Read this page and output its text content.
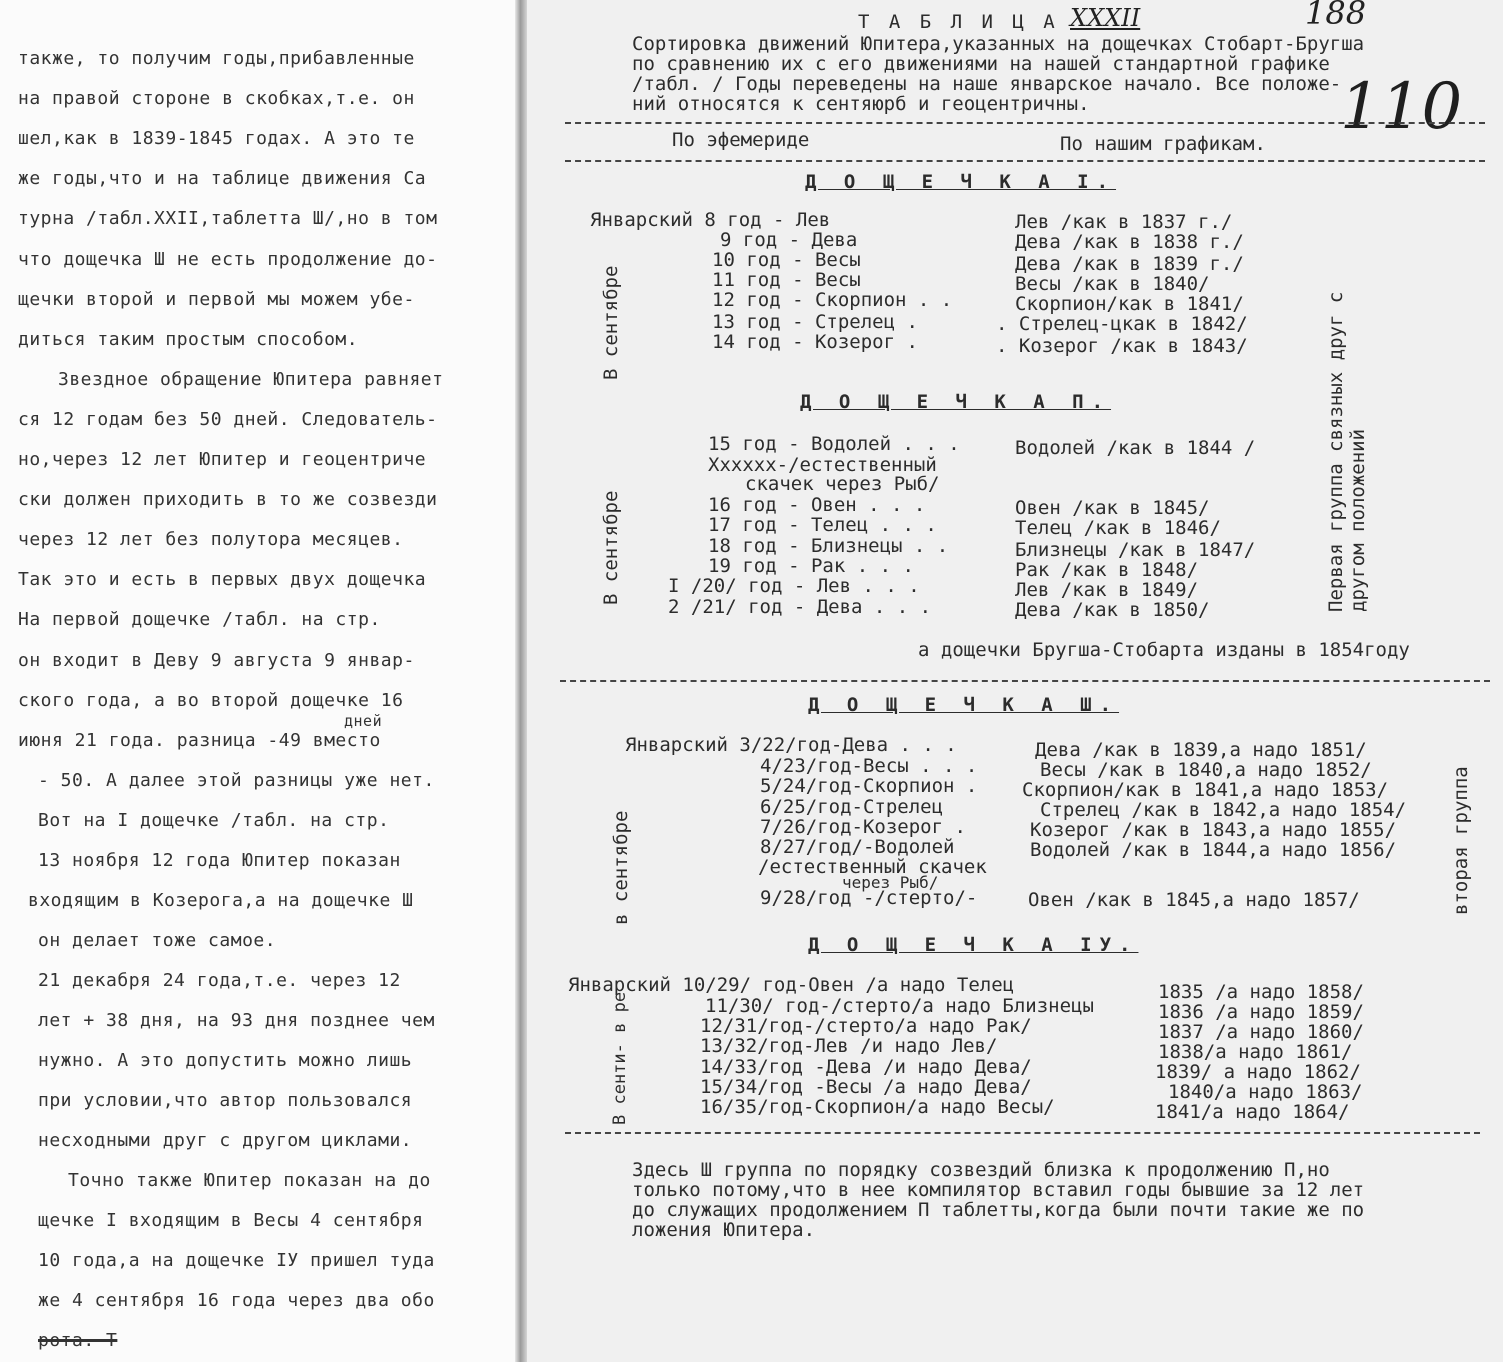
также, то получим годы,прибавленные
на правой стороне в скобках,т.е. он
шел,как в 1839-1845 годах. А это те
же годы,что и на таблице движения Са
турна /табл.XXII,таблетта Ш/,но в том
что дощечка Ш не есть продолжение до-
щечки второй и первой мы можем убе-
диться таким простым способом.
Звездное обращение Юпитера равняет
ся 12 годам без 50 дней. Следователь-
но,через 12 лет Юпитер и геоцентриче
ски должен приходить в то же созвезди
через 12 лет без полутора месяцев.
Так это и есть в первых двух дощечка
На первой дощечке /табл. на стр.
он входит в Деву 9 августа 9 январ-
ского года, а во второй дощечке 16
дней
июня 21 года. разница -49 вместо
- 50. А далее этой разницы уже нет.
Вот на I дощечке /табл. на стр.
13 ноября 12 года Юпитер показан
входящим в Козерога,а на дощечке Ш
он делает тоже самое.
21 декабря 24 года,т.е. через 12
лет + 38 дня, на 93 дня позднее чем
нужно. А это допустить можно лишь
при условии,что автор пользовался
несходными друг с другом циклами.
Точно также Юпитер показан на до
щечке I входящим в Весы 4 сентября
10 года,а на дощечке IУ пришел туда
же 4 сентября 16 года через два обо
рота. Т
Т А Б Л И Ц А ХХХII	188
110
Сортировка движений Юпитера,указанных на дощечках Стобарт-Бругша
по сравнению их с его движениями на нашей стандартной графике
/табл. / Годы переведены на наше январское начало. Все положе-
ний относятся к сентяюрб и геоцентричны.
По эфемериде	По нашим графикам.
Д О Щ Е Ч К А I.
В сентябре
Январский 8 год - Лев	Лев /как в 1837 г./
9 год - Дева	Дева /как в 1838 г./
10 год - Весы	Дева /как в 1839 г./
11 год - Весы	Весы /как в 1840/
12 год - Скорпион . .	Скорпион/как в 1841/
13 год - Стрелец .	. Стрелец-цкак в 1842/
14 год - Козерог .	. Козерог /как в 1843/
Д О Щ Е Ч К А П.
В сентябре
15 год - Водолей . . .	Водолей /как в 1844 /
Xхxxxx-/естественный
скачек через Рыб/
16 год - Овен . . .	Овен /как в 1845/
17 год - Телец . . .	Телец /как в 1846/
18 год - Близнецы . .	Близнецы /как в 1847/
19 год - Рак . . .	Рак /как в 1848/
I /20/ год - Лев . . .	Лев /как в 1849/
2 /21/ год - Дева . . .	Дева /как в 1850/	Первая группа связных друг с другом положений
а дощечки Бругша-Стобарта изданы в 1854году
Д О Щ Е Ч К А Ш.
в сентябре
Январский 3/22/год-Дева . . .	Дева /как в 1839,а надо 1851/
4/23/год-Весы . . .	Весы /как в 1840,а надо 1852/
5/24/год-Скорпион . Скорпион/как в 1841,а надо 1853/
6/25/год-Стрелец	Стрелец /как в 1842,а надо 1854/
7/26/год-Козерог .	Козерог /как в 1843,а надо 1855/
8/27/год/-Водолей	Водолей /как в 1844,а надо 1856/
/естественный скачек
через Рыб/
9/28/год -/стерто/-	Овен /как в 1845,а надо 1857/	вторая группа
Д О Щ Е Ч К А IУ.
В сенти- в ре
Январский 10/29/ год-Овен /а надо Телец	1835 /а надо 1858/
11/30/ год-/стерто/а надо Близнецы	1836 /а надо 1859/
12/31/год-/стерто/а надо Рак/	1837 /а надо 1860/
13/32/год-Лев /и надо Лев/	1838/а надо 1861/
14/33/год -Дева /и надо Дева/	1839/ а надо 1862/
15/34/год -Весы /а надо Дева/	1840/а надо 1863/
16/35/год-Скорпион/а надо Весы/	1841/а надо 1864/
Здесь Ш группа по порядку созвездий близка к продолжению П,но
только потому,что в нее компилятор вставил годы бывшие за 12 лет
до служащих продолжением П таблетты,когда были почти такие же по
ложения Юпитера.
